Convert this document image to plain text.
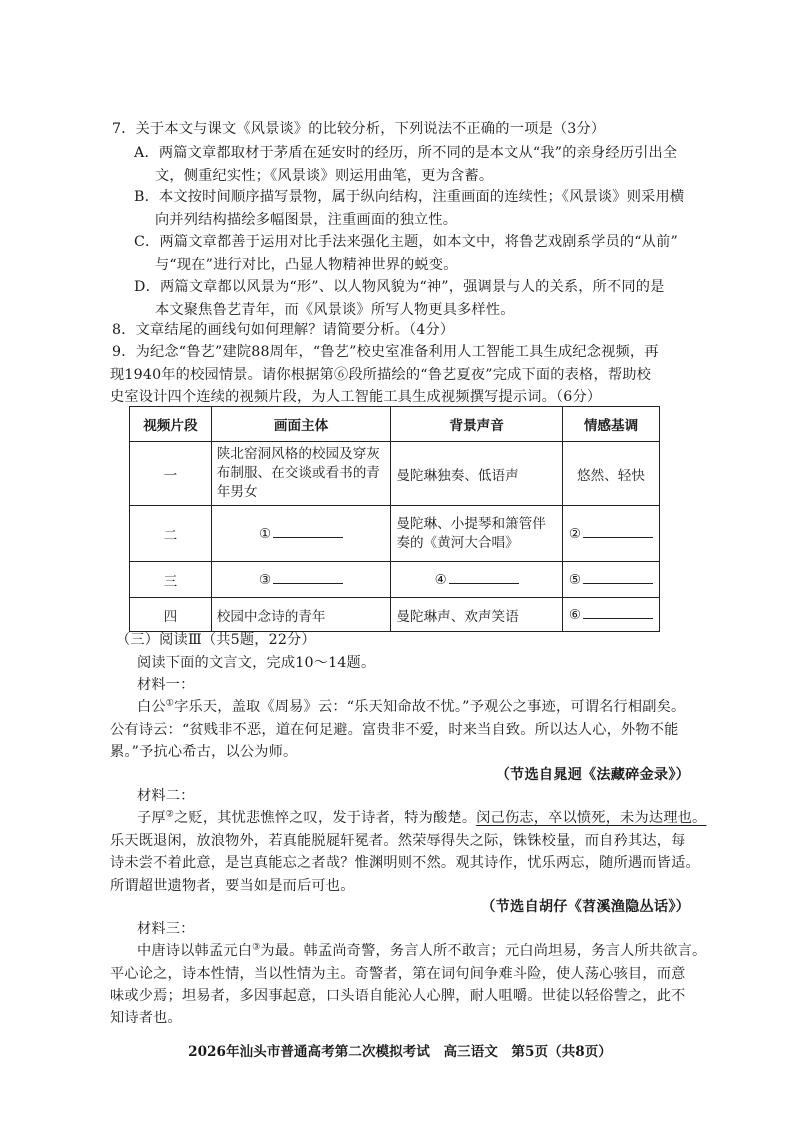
7．关于本文与课文《风景谈》的比较分析，下列说法不正确的一项是（3分）
A．两篇文章都取材于茅盾在延安时的经历，所不同的是本文从“我”的亲身经历引出全
文，侧重纪实性；《风景谈》则运用曲笔，更为含蓄。
B．本文按时间顺序描写景物，属于纵向结构，注重画面的连续性；《风景谈》则采用横
向并列结构描绘多幅图景，注重画面的独立性。
C．两篇文章都善于运用对比手法来强化主题，如本文中，将鲁艺戏剧系学员的“从前”
与“现在”进行对比，凸显人物精神世界的蜕变。
D．两篇文章都以风景为“形”、以人物风貌为“神”，强调景与人的关系，所不同的是
本文聚焦鲁艺青年，而《风景谈》所写人物更具多样性。
8．文章结尾的画线句如何理解？请简要分析。（4分）
9．为纪念“鲁艺”建院88周年，“鲁艺”校史室准备利用人工智能工具生成纪念视频，再
现1940年的校园情景。请你根据第⑥段所描绘的“鲁艺夏夜”完成下面的表格，帮助校
史室设计四个连续的视频片段，为人工智能工具生成视频撰写提示词。（6分）
视频片段	画面主体	背景声音	情感基调
一	陕北窑洞风格的校园及穿灰布制服、在交谈或看书的青年男女	曼陀琳独奏、低语声	悠然、轻快
二	①	曼陀琳、小提琴和箫管伴奏的《黄河大合唱》	②
三	③	④	⑤
四	校园中念诗的青年	曼陀琳声、欢声笑语	⑥
（三）阅读Ⅲ（共5题，22分）
阅读下面的文言文，完成10～14题。
材料一：
白公①字乐天，盖取《周易》云：“乐天知命故不忧。”予观公之事迹，可谓名行相副矣。
公有诗云：“贫贱非不恶，道在何足避。富贵非不爱，时来当自致。所以达人心，外物不能
累。”予抗心希古，以公为师。
（节选自晁迥《法藏碎金录》）
材料二：
子厚②之贬，其忧悲憔悴之叹，发于诗者，特为酸楚。闵己伤志，卒以愤死，未为达理也。
乐天既退闲，放浪物外，若真能脱屣轩冕者。然荣辱得失之际，铢铢校量，而自矜其达，每
诗未尝不着此意，是岂真能忘之者哉？惟渊明则不然。观其诗作，忧乐两忘，随所遇而皆适。
所谓超世遗物者，要当如是而后可也。
（节选自胡仔《苕溪渔隐丛话》）
材料三：
中唐诗以韩孟元白③为最。韩孟尚奇警，务言人所不敢言；元白尚坦易，务言人所共欲言。
平心论之，诗本性情，当以性情为主。奇警者，第在词句间争难斗险，使人荡心骇目，而意
味或少焉；坦易者，多因事起意，口头语自能沁人心脾，耐人咀嚼。世徒以轻俗訾之，此不
知诗者也。
2026年汕头市普通高考第二次模拟考试　高三语文　第5页（共8页）
